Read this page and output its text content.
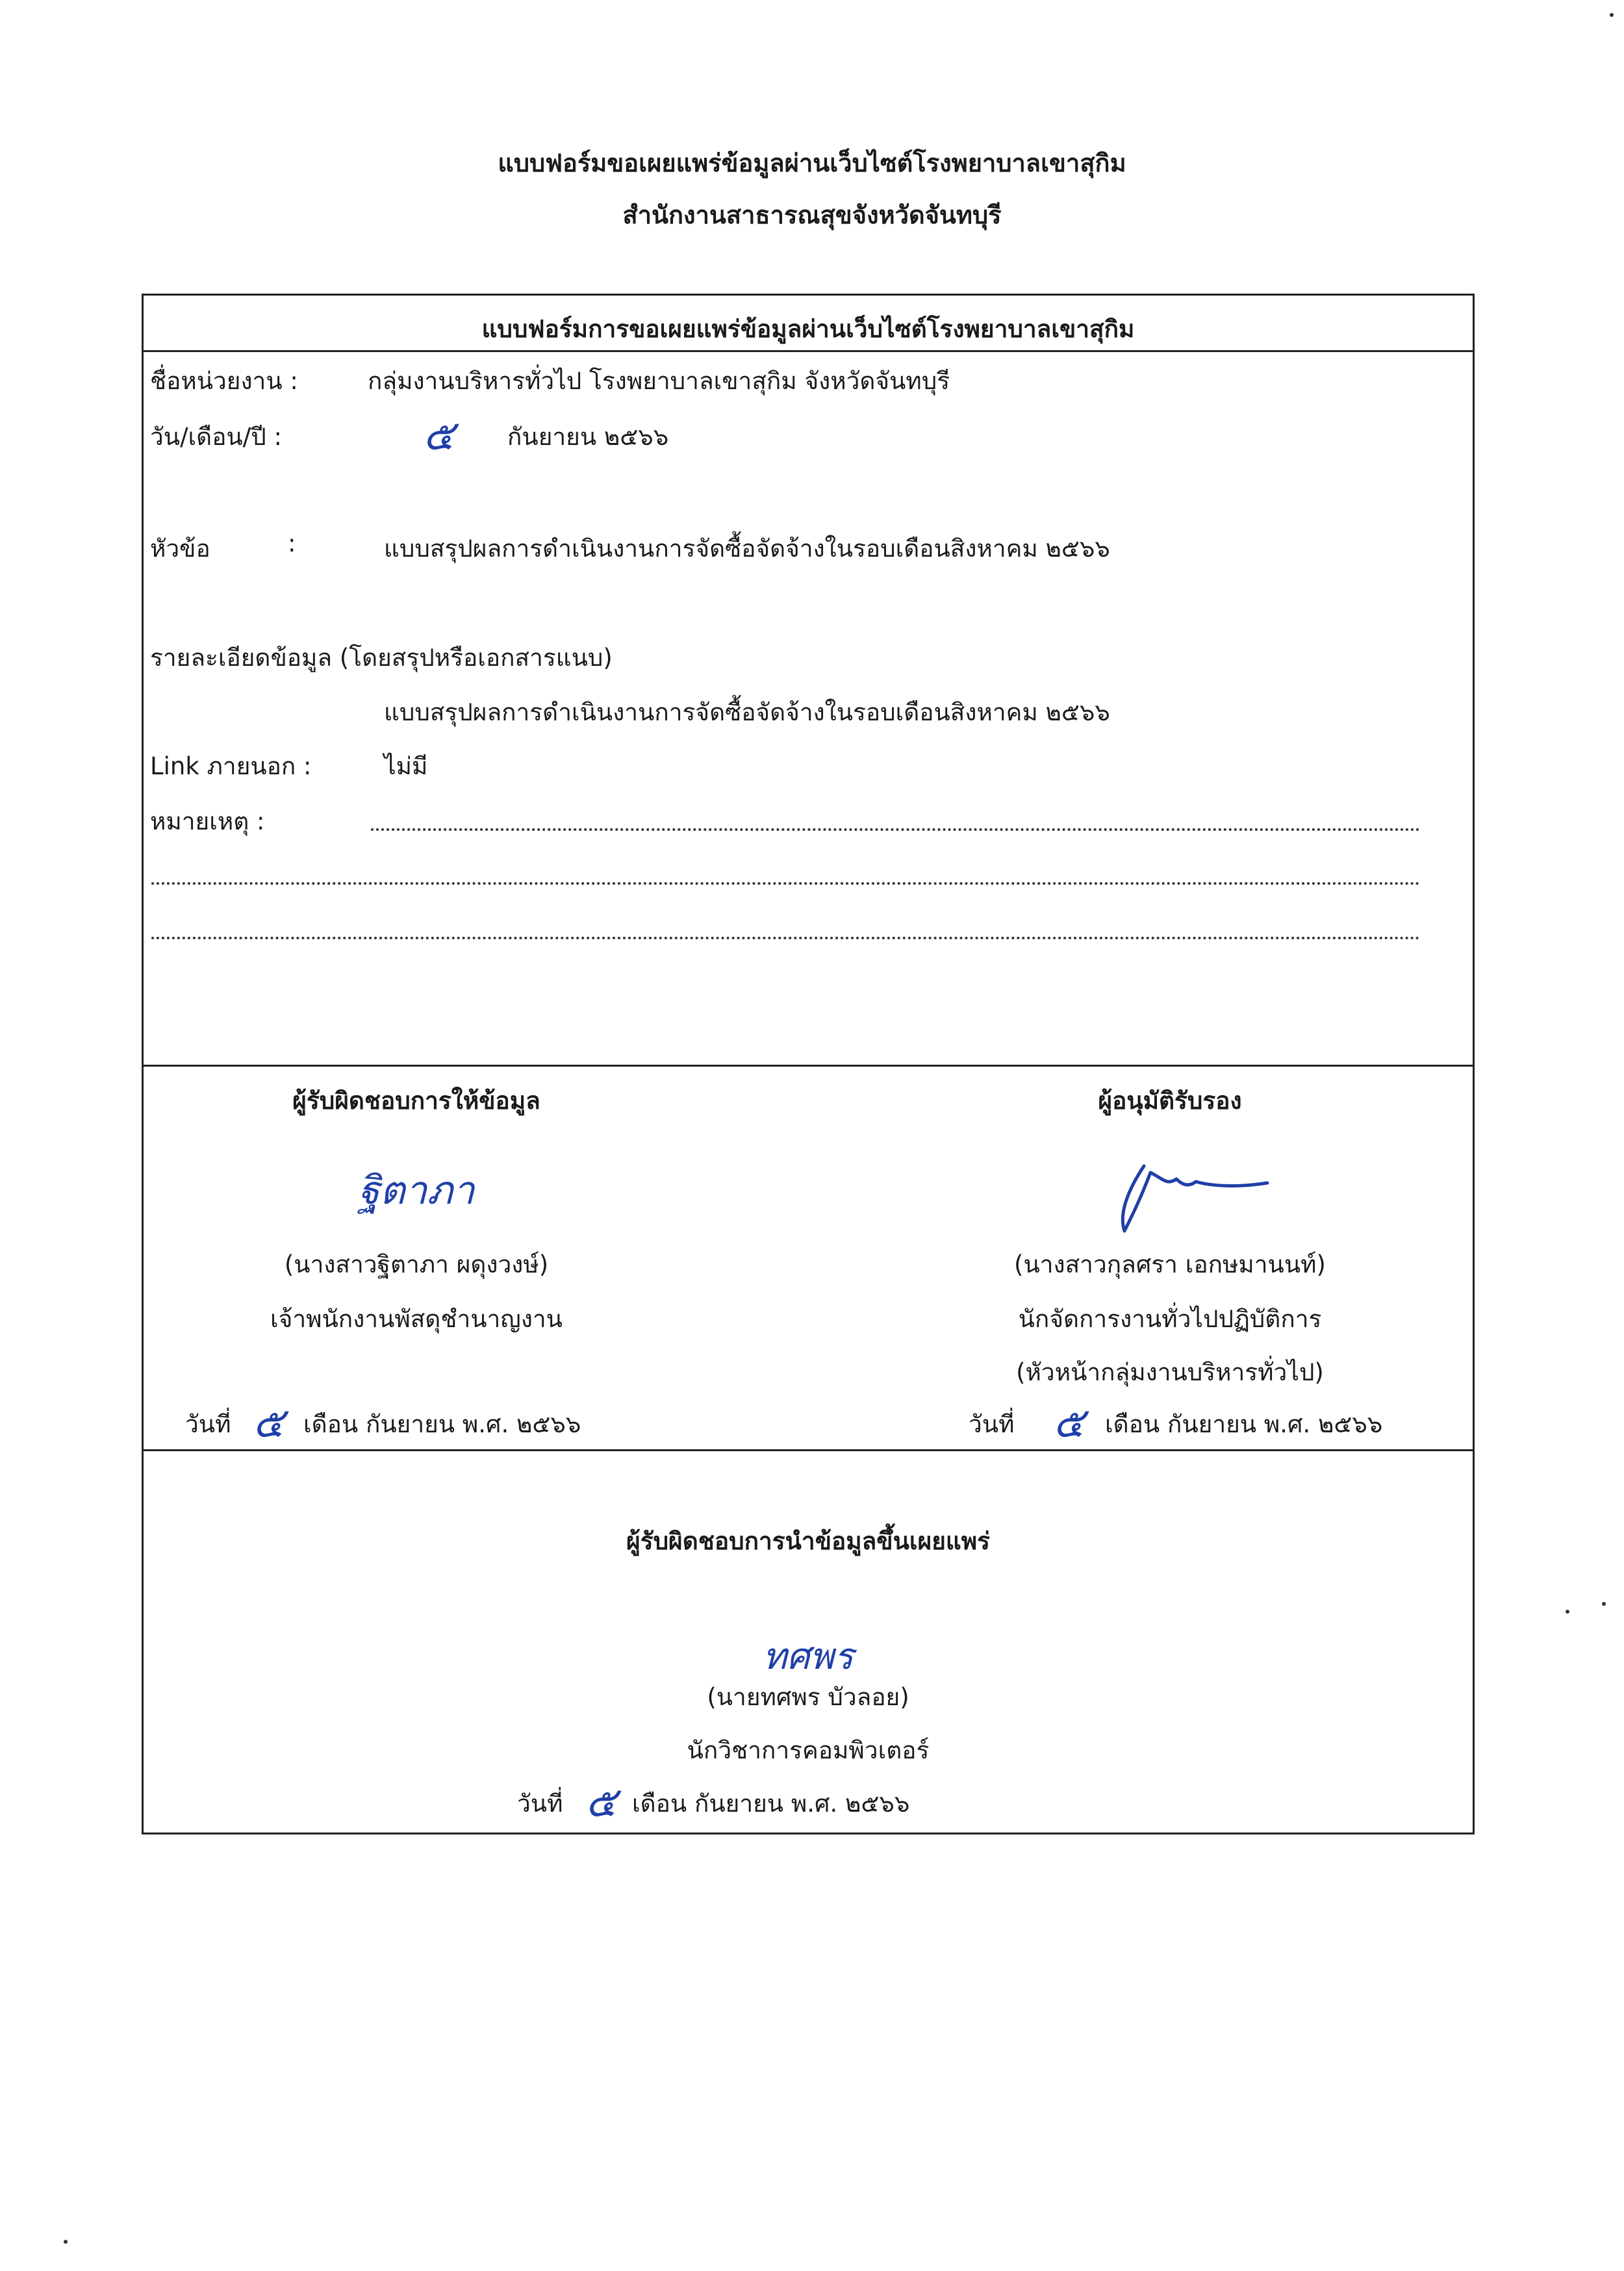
แบบฟอร์มขอเผยแพร่ข้อมูลผ่านเว็บไซต์โรงพยาบาลเขาสุกิม
สำนักงานสาธารณสุขจังหวัดจันทบุรี
แบบฟอร์มการขอเผยแพร่ข้อมูลผ่านเว็บไซต์โรงพยาบาลเขาสุกิม
ชื่อหน่วยงาน :	กลุ่มงานบริหารทั่วไป โรงพยาบาลเขาสุกิม จังหวัดจันทบุรี
วัน/เดือน/ปี :	๕ กันยายน ๒๕๖๖
หัวข้อ	:	แบบสรุปผลการดำเนินงานการจัดซื้อจัดจ้างในรอบเดือนสิงหาคม ๒๕๖๖
รายละเอียดข้อมูล (โดยสรุปหรือเอกสารแนบ)
แบบสรุปผลการดำเนินงานการจัดซื้อจัดจ้างในรอบเดือนสิงหาคม ๒๕๖๖
Link ภายนอก :	ไม่มี
หมายเหตุ :
ผู้รับผิดชอบการให้ข้อมูล
ฐิตาภา
(นางสาวฐิตาภา ผดุงวงษ์)
เจ้าพนักงานพัสดุชำนาญงาน
วันที่ ๕ เดือน กันยายน พ.ศ. ๒๕๖๖
ผู้อนุมัติรับรอง
(นางสาวกุลศรา เอกษมานนท์)
นักจัดการงานทั่วไปปฏิบัติการ
(หัวหน้ากลุ่มงานบริหารทั่วไป)
วันที่ ๕ เดือน กันยายน พ.ศ. ๒๕๖๖
ผู้รับผิดชอบการนำข้อมูลขึ้นเผยแพร่
ทศพร
(นายทศพร บัวลอย)
นักวิชาการคอมพิวเตอร์
วันที่ ๕ เดือน กันยายน พ.ศ. ๒๕๖๖
